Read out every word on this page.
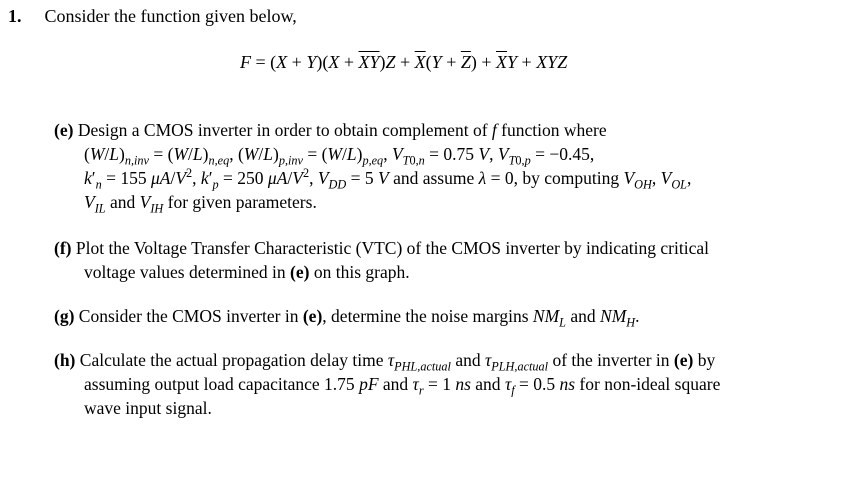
1. Consider the function given below,
$F = (X + Y)(X + \overline{XY})Z + \overline{X}(Y + \overline{Z}) + \overline{X}Y$ + XYZ
(e) Design a CMOS inverter in order to obtain complement of f function where
$(W/L)_{n,inv} = (W/L)_{n,eq}$, $(W/L)_{p,inv} = (W/L)_{p,eq}$, $V_{T0,n} = 0.75$ V, $V_{T0,p} = -0.45$,
$k'_n = 155$ $\mu A/V^2$, $k'_p = 250$ $\mu A/V^2$, $V_{DD} = 5$ V and assume λ = 0, by computing $V_{OH}$, $V_{OL}$,
$V_{IL}$ and $V_{IH}$ for given parameters.
(f) Plot the Voltage Transfer Characteristic (VTC) of the CMOS inverter by indicating critical
voltage values determined in (e) on this graph.
(g) Consider the CMOS inverter in (e), determine the noise margins $NM_L$ and $NM_H$.
(h) Calculate the actual propagation delay time $\tau_{PHL,actual}$ and $\tau_{PLH,actual}$ of the inverter in (e) by
assuming output load capacitance 1.75 pF and $\tau_r = 1$ ns and $\tau_f = 0.5$ ns for non-ideal square
wave input signal.
